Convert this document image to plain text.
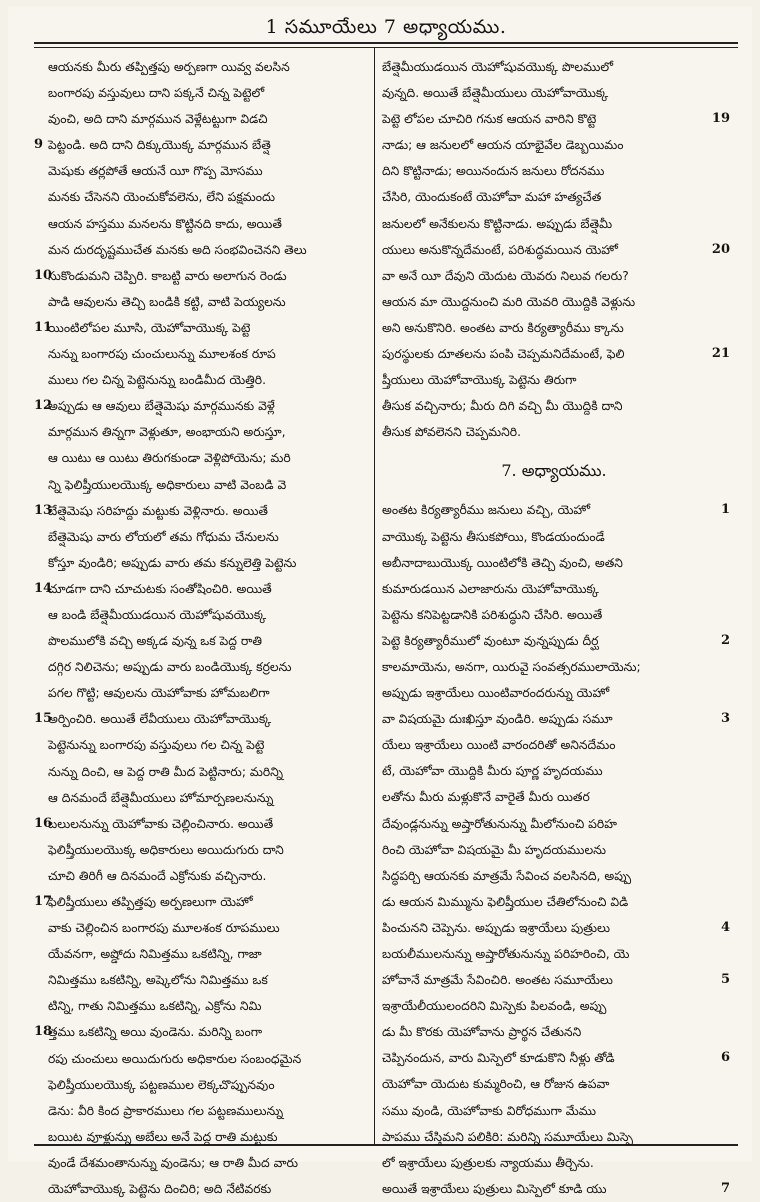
1 సమూయేలు 7 అధ్యాయము.
ఆయనకు మీరు తప్పిత్తపు అర్పణగా యివ్వ వలసిన
బంగారపు వస్తువులు దాని పక్కనే చిన్న పెట్టెలో
వుంచి, అది దాని మార్గమున వెళ్లేటట్టుగా విడచి
9 పెట్టండి. అది దాని దిక్కుయొక్క మార్గమున బేత్షె
మెషుకు తర్లపోతే ఆయనే యీ గొప్ప మోసము
మనకు చేసెనని యెంచుకోవలెను, లేని పక్షమందు
ఆయన హస్తము మనలను కొట్టినది కాదు, అయితే
మన దురదృష్టముచేత మనకు అది సంభవించెనని తెలు
10
సుకొండుమని చెప్పిరి. కాబట్టి వారు అలాగున రెండు
పాడి ఆవులను తెచ్చి బండికి కట్టి, వాటి పెయ్యలను
11
యింటిలోపల మూసి, యెహోవాయొక్క పెట్టె
నున్ను బంగారపు చుంచులున్ను మూలశంక రూప
ములు గల చిన్న పెట్టెనున్ను బండిమీద యెత్తిరి.
12
అప్పుడు ఆ ఆవులు బేత్షెమెషు మార్గమునకు వెళ్లే
మార్గమున తిన్నగా వెళ్లుతూ, అంభాయని అరుస్తూ,
ఆ యిటు ఆ యిటు తిరుగకుండా వెళ్లిపోయెను; మరి
న్ని ఫెలిష్తీయులయొక్క అధికారులు వాటి వెంబడి వె
13
బేత్షెమెషు సరిహద్దు మట్టుకు వెళ్లినారు. అయితే
బేత్షెమెషు వారు లోయలో తమ గోధుమ చేనులను
కోస్తూ వుండిరి; అప్పుడు వారు తమ కన్నులెత్తి పెట్టెను
14
చూడగా దాని చూచుటకు సంతోషించిరి. అయితే
ఆ బండి బేత్షెమీయుడయిన యెహోషువయొక్క
పొలములోకి వచ్చి అక్కడ వున్న ఒక పెద్ద రాతి
దగ్గిర నిలిచెను; అప్పుడు వారు బండియొక్క కర్రలను
పగల గొట్టి; ఆవులను యెహోవాకు హోమబలిగా
15
అర్పించిరి. అయితే లేవీయులు యెహోవాయొక్క
పెట్టెనున్ను బంగారపు వస్తువులు గల చిన్న పెట్టె
నున్ను దించి, ఆ పెద్ద రాతి మీద పెట్టినారు; మరిన్ని
ఆ దినమందే బేత్షెమీయులు హోమార్పణలనున్ను
16
బలులనున్ను యెహోవాకు చెల్లించినారు. అయితే
ఫెలిష్తీయులయొక్క అధికారులు అయిదుగురు దాని
చూచి తిరిగీ ఆ దినమందే ఎక్రోనుకు వచ్చినారు.
17
ఫెలిష్తీయులు తప్పిత్తపు అర్పణలుగా యెహో
వాకు చెల్లించిన బంగారపు మూలశంక రూపములు
యేవనగా, అష్డోదు నిమిత్తము ఒకటిన్ని, గాజా
నిమిత్తము ఒకటిన్ని, అష్కెలోను నిమిత్తము ఒక
టిన్ని, గాతు నిమిత్తము ఒకటిన్ని, ఎక్రోను నిమి
18
త్తము ఒకటిన్ని అయి వుండెను. మరిన్ని బంగా
రపు చుంచులు అయిదుగురు అధికారుల సంబంధమైన
ఫెలిష్తీయులయొక్క పట్టణముల లెక్కచొప్పునవుం
డెను: వీరి కింద ప్రాకారములు గల పట్టణములున్ను
బయిట వూళ్లున్ను అబేలు అనే పెద్ద రాతి మట్టుకు
వుండే దేశమంతానున్ను వుండెను; ఆ రాతి మీద వారు
యెహోవాయొక్క పెట్టెను దించిరి; అది నేటివరకు
బేత్షెమీయుడయిన యెహోషువయొక్క పొలములో
వున్నది. అయితే బేత్షెమీయులు యెహోవాయొక్క
19
పెట్టె లోపల చూచిరి గనుక ఆయన వారిని కొట్టె
నాడు; ఆ జనులలో ఆయన యాభైవేల డెబ్బయిమం
దిని కొట్టినాడు; అయినందున జనులు రోదనము
చేసిరి, యెందుకంటే యెహోవా మహా హత్యచేత
జనులలో అనేకులను కొట్టినాడు. అప్పుడు బేత్షెమీ
20
యులు అనుకొన్నదేమంటే, పరిశుద్ధమయిన యెహో
వా అనే యీ దేవుని యెదుట యెవరు నిలువ గలరు?
ఆయన మా యొద్దనుంచి మరి యెవరి యొద్దికి వెళ్లును
అని అనుకొనిరి. అంతట వారు కిర్యత్యారీము క్కాను
21
పురస్థులకు దూతలను పంపి చెప్పమనిదేమంటే, ఫెలి
ష్తీయులు యెహోవాయొక్క పెట్టెను తిరుగా
తీసుక వచ్చినారు; మీరు దిగి వచ్చి మీ యొద్దికి దాని
తీసుక పోవలెనని చెప్పమనిరి.
7. అధ్యాయము.
1
అంతట కిర్యత్యారీము జనులు వచ్చి, యెహో
వాయొక్క పెట్టెను తీసుకపోయి, కొండయందుండే
అబీనాదాబుయొక్క యింటిలోకి తెచ్చి వుంచి, అతని
కుమారుడయిన ఎలాజారును యెహోవాయొక్క
పెట్టెను కనిపెట్టడానికి పరిశుద్ధుని చేసిరి. అయితే
2
పెట్టె కిర్యత్యారీములో వుంటూ వున్నప్పుడు దీర్ఘ
కాలమాయెను, అనగా, యిరువై సంవత్సరములాయెను;
అప్పుడు ఇశ్రాయేలు యింటివారందరున్ను యెహో
3
వా విషయమై దుఃఖిస్తూ వుండిరి. అప్పుడు సమూ
యేలు ఇశ్రాయేలు యింటి వారందరితో అనినదేమం
టే, యెహోవా యొద్దికి మీరు పూర్ణ హృదయము
లతోను మీరు మళ్లుకొనే వారైతే మీరు యితర
దేవుండ్లనున్ను అష్తారోతునున్ను మీలోనుంచి పరిహ
రించి యెహోవా విషయమై మీ హృదయములను
సిద్ధపర్చి ఆయనకు మాత్రమే సేవించ వలసినది, అప్పు
డు ఆయన మిమ్మును ఫెలిష్తీయుల చేతిలోనుంచి విడి
4
పించునని చెప్పెను. అప్పుడు ఇశ్రాయేలు పుత్రులు
బయలీములనున్ను అష్తారోతునున్ను పరిహరించి, యె
5
హోవానే మాత్రమే సేవించిరి. అంతట సమూయేలు
ఇశ్రాయేలీయులందరిని మిస్పెకు పిలవండి, అప్పు
డు మీ కొరకు యెహోవాను ప్రార్థన చేతునని
6
చెప్పినందున, వారు మిస్పెలో కూడుకొని నీళ్లు తోడి
యెహోవా యెదుట కుమ్మరించి, ఆ రోజున ఉపవా
సము వుండి, యెహోవాకు విరోధముగా మేము
పాపము చేస్తిమని పలికిరి: మరిన్ని సమూయేలు మిస్పె
లో ఇశ్రాయేలు పుత్రులకు న్యాయము తీర్చెను.
7
అయితే ఇశ్రాయేలు పుత్రులు మిస్పెలో కూడి యు
